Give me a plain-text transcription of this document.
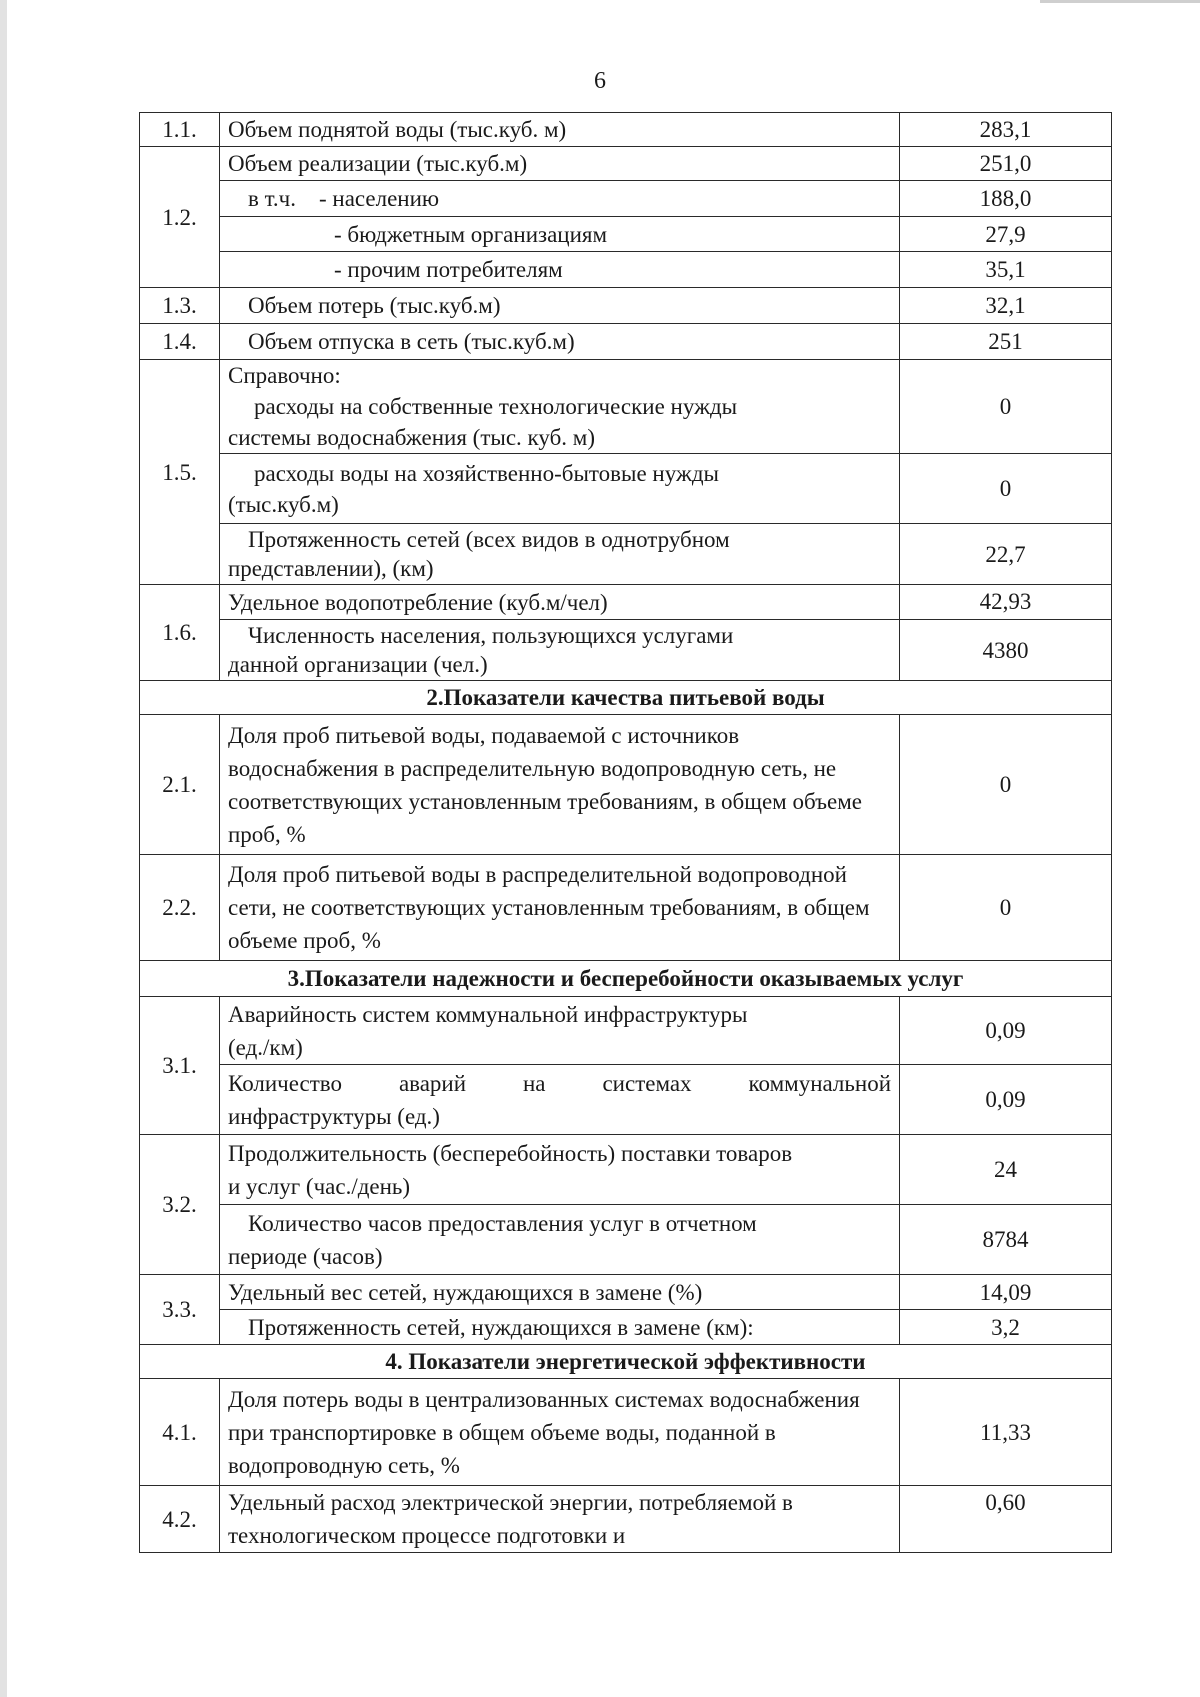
6
1.1.	Объем поднятой воды (тыс.куб. м)	283,1
1.2.	Объем реализации (тыс.куб.м)	251,0
	в т.ч.    - населению	188,0
	- бюджетным организациям	27,9
	- прочим потребителям	35,1
1.3.	Объем потерь (тыс.куб.м)	32,1
1.4.	Объем отпуска в сеть (тыс.куб.м)	251
1.5.	Справочно:
расходы на собственные технологические нужды
системы водоснабжения (тыс. куб. м)	0

	расходы воды на хозяйственно-бытовые нужды
(тыс.куб.м)	0

	Протяженность сетей (всех видов в однотрубном
представлении), (км)	22,7
1.6.	Удельное водопотребление (куб.м/чел)	42,93

	Численность населения, пользующихся услугами
данной организации (чел.)	4380
2.Показатели качества питьевой воды		
2.1.	Доля проб питьевой воды, подаваемой с источников водоснабжения в распределительную водопроводную сеть, не соответствующих установленным требованиям, в общем объеме проб, %	0
2.2.	Доля проб питьевой воды в распределительной водопроводной сети, не соответствующих установленным требованиям, в общем объеме проб, %	0
3.Показатели надежности и бесперебойности оказываемых услуг		
3.1.	Аварийность систем коммунальной инфраструктуры
(ед./км)	0,09

	Количество аварий на системах коммунальной
инфраструктуры (ед.)	0,09
3.2.	Продолжительность (бесперебойность) поставки товаров
и услуг (час./день)	24

	Количество часов предоставления услуг в отчетном
периоде (часов)	8784
3.3.	Удельный вес сетей, нуждающихся в замене (%)	14,09
	Протяженность сетей, нуждающихся в замене (км):	3,2
4. Показатели энергетической эффективности		
4.1.	Доля потерь воды в централизованных системах водоснабжения при транспортировке в общем объеме воды, поданной в водопроводную сеть, %	11,33
4.2.	Удельный расход электрической энергии, потребляемой в технологическом процессе подготовки и	0,60
